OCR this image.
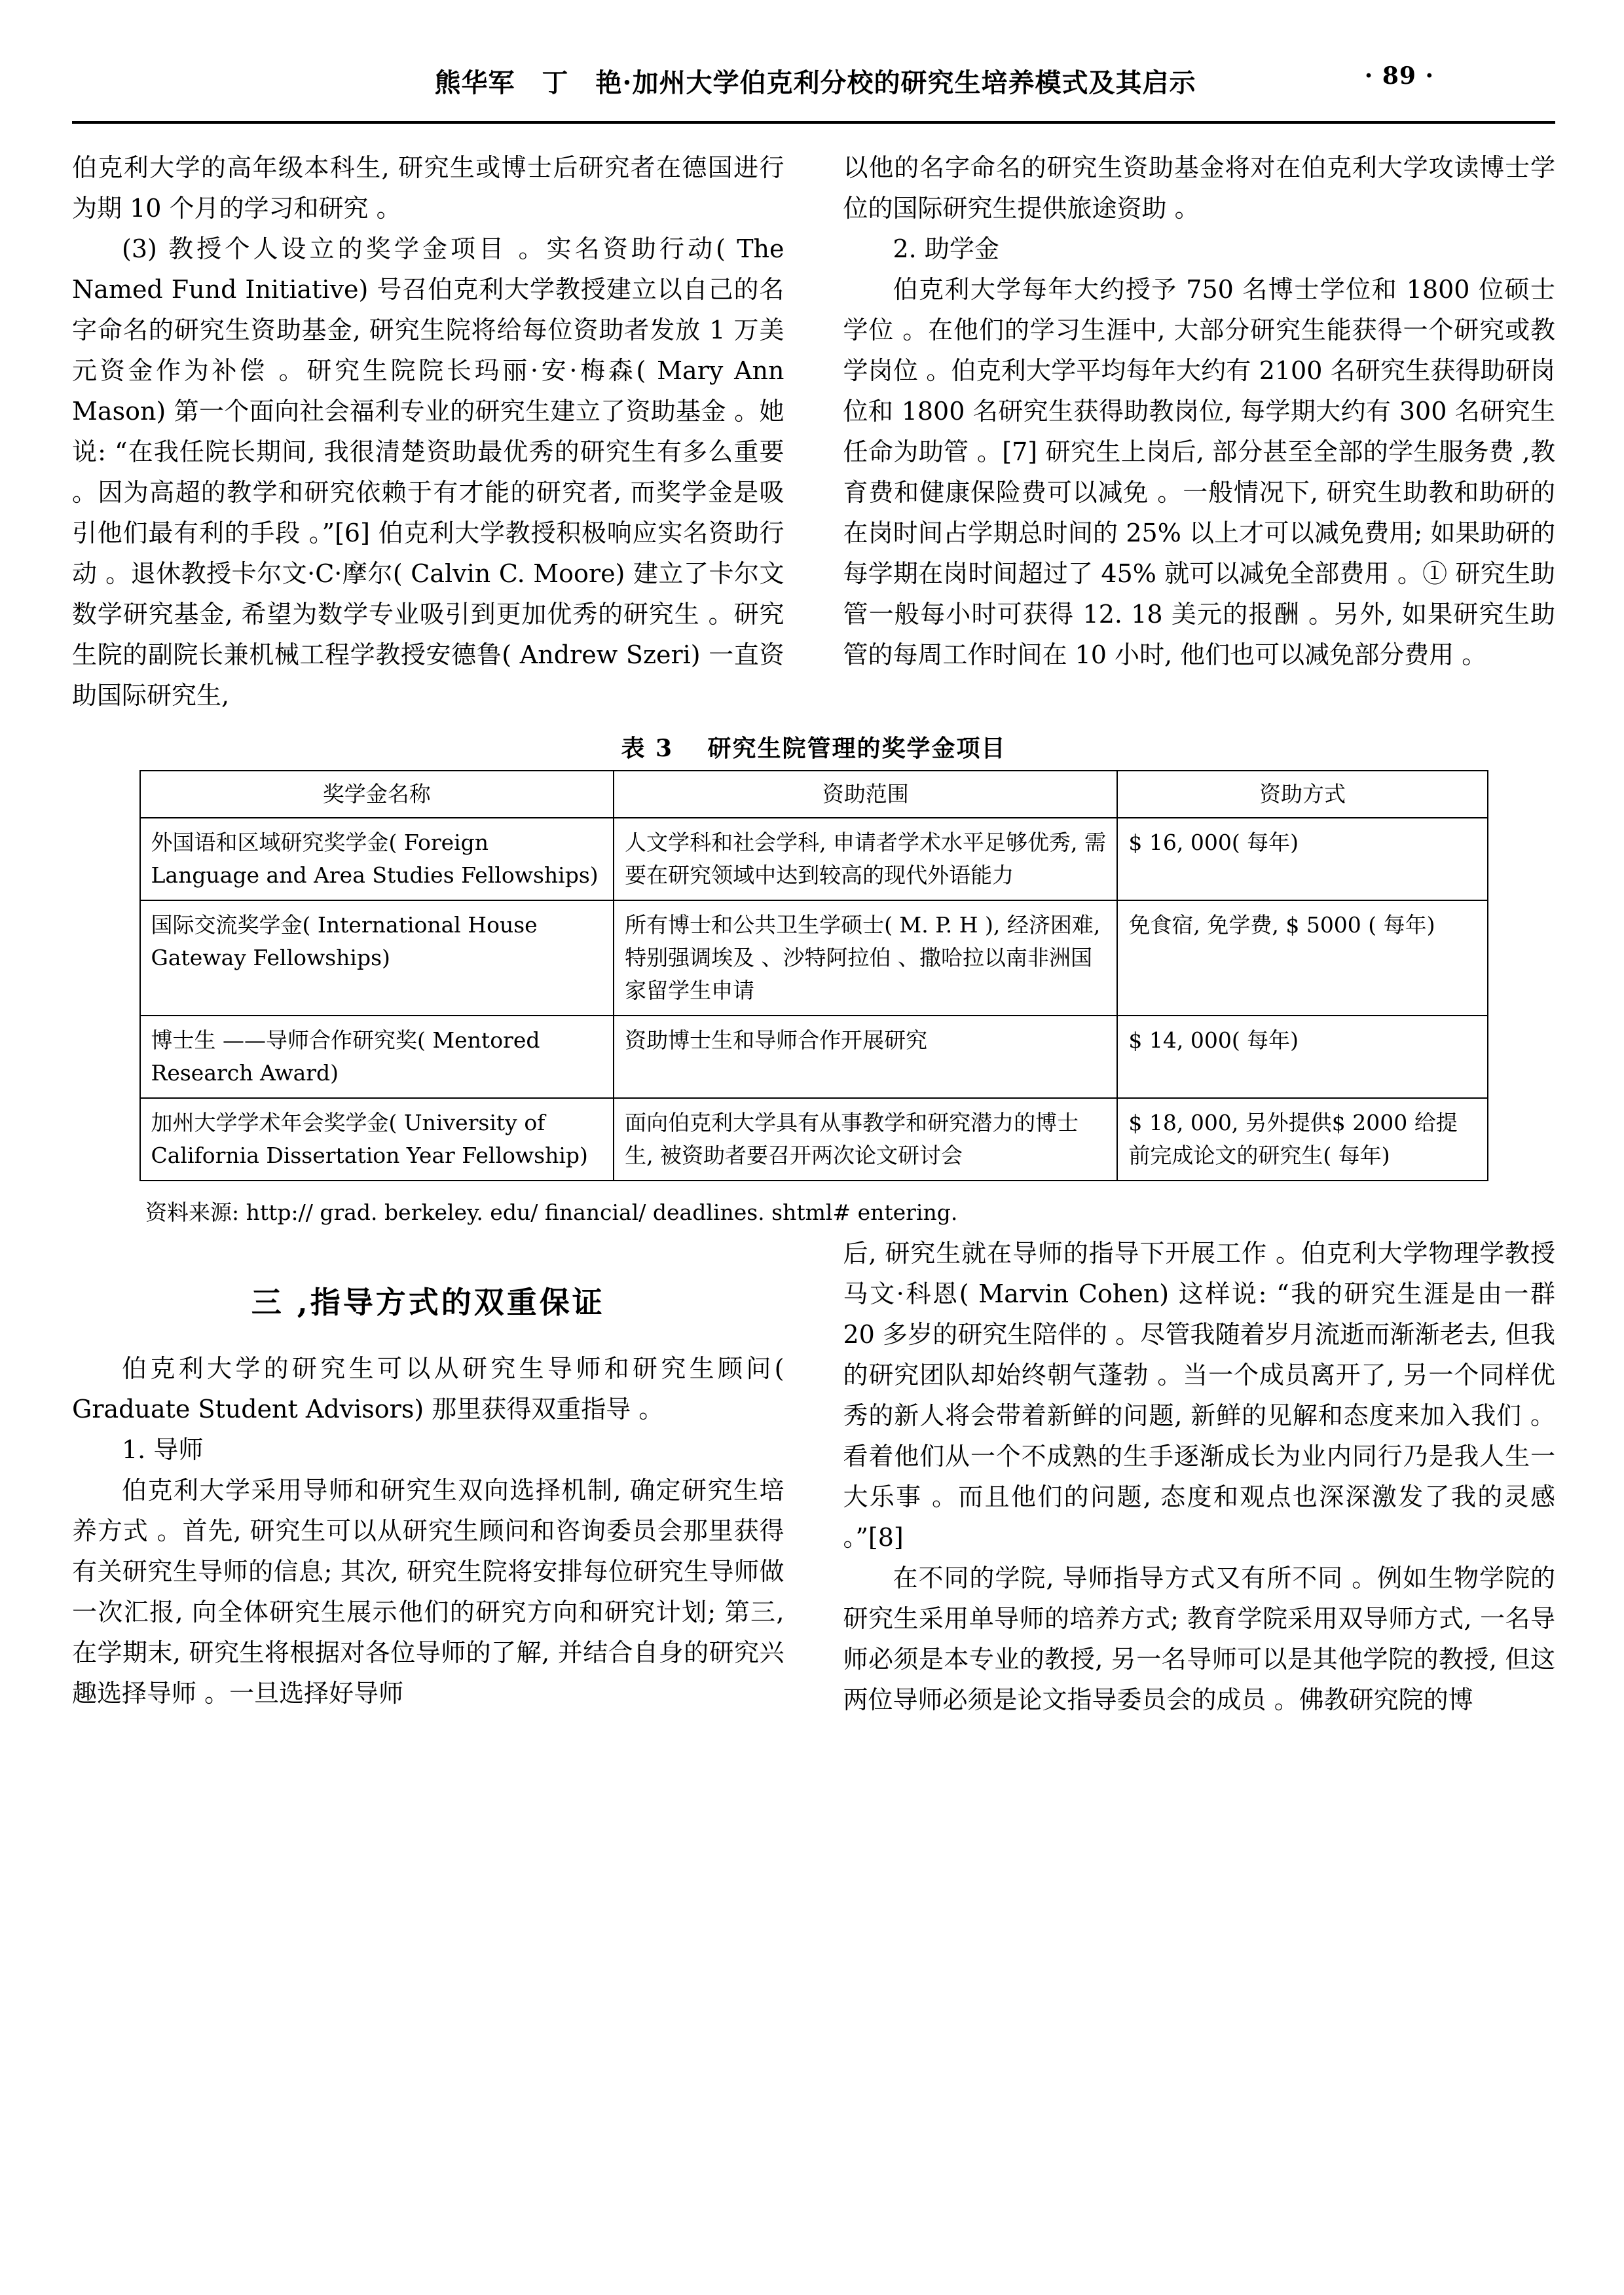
熊华军　丁　艳·加州大学伯克利分校的研究生培养模式及其启示	· 89 ·

伯克利大学的高年级本科生, 研究生或博士后研究者在德国进行为期 10 个月的学习和研究 。

(3) 教授个人设立的奖学金项目 。实名资助行动( The Named Fund Initiative) 号召伯克利大学教授建立以自己的名字命名的研究生资助基金, 研究生院将给每位资助者发放 1 万美元资金作为补偿 。研究生院院长玛丽·安·梅森( Mary Ann Mason) 第一个面向社会福利专业的研究生建立了资助基金 。她说: “在我任院长期间, 我很清楚资助最优秀的研究生有多么重要 。因为高超的教学和研究依赖于有才能的研究者, 而奖学金是吸引他们最有利的手段 。”[6] 伯克利大学教授积极响应实名资助行动 。退休教授卡尔文·C·摩尔( Calvin C. Moore) 建立了卡尔文数学研究基金, 希望为数学专业吸引到更加优秀的研究生 。研究生院的副院长兼机械工程学教授安德鲁( Andrew Szeri) 一直资助国际研究生,

以他的名字命名的研究生资助基金将对在伯克利大学攻读博士学位的国际研究生提供旅途资助 。

2. 助学金

伯克利大学每年大约授予 750 名博士学位和 1800 位硕士学位 。在他们的学习生涯中, 大部分研究生能获得一个研究或教学岗位 。伯克利大学平均每年大约有 2100 名研究生获得助研岗位和 1800 名研究生获得助教岗位, 每学期大约有 300 名研究生任命为助管 。[7] 研究生上岗后, 部分甚至全部的学生服务费 ,教育费和健康保险费可以减免 。一般情况下, 研究生助教和助研的在岗时间占学期总时间的 25% 以上才可以减免费用; 如果助研的每学期在岗时间超过了 45% 就可以减免全部费用 。① 研究生助管一般每小时可获得 12. 18 美元的报酬 。另外, 如果研究生助管的每周工作时间在 10 小时, 他们也可以减免部分费用 。

表 3　 研究生院管理的奖学金项目
奖学金名称	资助范围	资助方式
外国语和区域研究奖学金( Foreign Language and Area Studies Fellowships)	人文学科和社会学科, 申请者学术水平足够优秀, 需要在研究领域中达到较高的现代外语能力	$ 16, 000( 每年)
国际交流奖学金( International House Gateway Fellowships)	所有博士和公共卫生学硕士( M. P. H ), 经济困难, 特别强调埃及 、沙特阿拉伯 、撒哈拉以南非洲国家留学生申请	免食宿, 免学费, $ 5000 ( 每年)
博士生 ——导师合作研究奖( Mentored Research Award)	资助博士生和导师合作开展研究	$ 14, 000( 每年)
加州大学学术年会奖学金( University of California Dissertation Year Fellowship)	面向伯克利大学具有从事教学和研究潜力的博士生, 被资助者要召开两次论文研讨会	$ 18, 000, 另外提供$ 2000 给提前完成论文的研究生( 每年)
资料来源: http:// grad. berkeley. edu/ financial/ deadlines. shtml# entering.
三 ,指导方式的双重保证

伯克利大学的研究生可以从研究生导师和研究生顾问( Graduate Student Advisors) 那里获得双重指导 。

1. 导师

伯克利大学采用导师和研究生双向选择机制, 确定研究生培养方式 。首先, 研究生可以从研究生顾问和咨询委员会那里获得有关研究生导师的信息; 其次, 研究生院将安排每位研究生导师做一次汇报, 向全体研究生展示他们的研究方向和研究计划; 第三, 在学期末, 研究生将根据对各位导师的了解, 并结合自身的研究兴趣选择导师 。一旦选择好导师

后, 研究生就在导师的指导下开展工作 。伯克利大学物理学教授马文·科恩( Marvin Cohen) 这样说: “我的研究生涯是由一群 20 多岁的研究生陪伴的 。尽管我随着岁月流逝而渐渐老去, 但我的研究团队却始终朝气蓬勃 。当一个成员离开了, 另一个同样优秀的新人将会带着新鲜的问题, 新鲜的见解和态度来加入我们 。看着他们从一个不成熟的生手逐渐成长为业内同行乃是我人生一大乐事 。而且他们的问题, 态度和观点也深深激发了我的灵感 。”[8]

在不同的学院, 导师指导方式又有所不同 。例如生物学院的研究生采用单导师的培养方式; 教育学院采用双导师方式, 一名导师必须是本专业的教授, 另一名导师可以是其他学院的教授, 但这两位导师必须是论文指导委员会的成员 。佛教研究院的博
